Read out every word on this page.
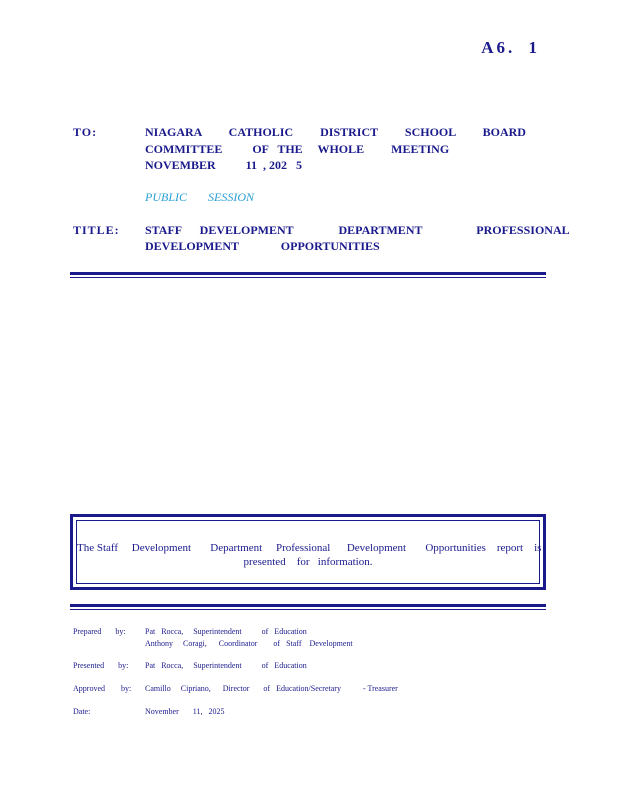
A6. 1
TO:	NIAGARA         CATHOLIC         DISTRICT         SCHOOL         BOARD
COMMITTEE          OF   THE     WHOLE         MEETING
NOVEMBER          11  , 202   5
PUBLIC       SESSION
TITLE: STAFF      DEVELOPMENT               DEPARTMENT                  PROFESSIONAL
DEVELOPMENT              OPPORTUNITIES
The Staff     Development       Department     Professional      Development       Opportunities    report    is
presented    for   information.
Prepared       by: Pat   Rocca,     Superintendent          of   Education
Anthony     Coragi,      Coordinator        of   Staff    Development
Presented       by: Pat   Rocca,     Superintendent          of   Education
Approved        by: Camillo     Cipriano,      Director       of   Education/Secretary           - Treasurer
Date:	November       11,   2025
